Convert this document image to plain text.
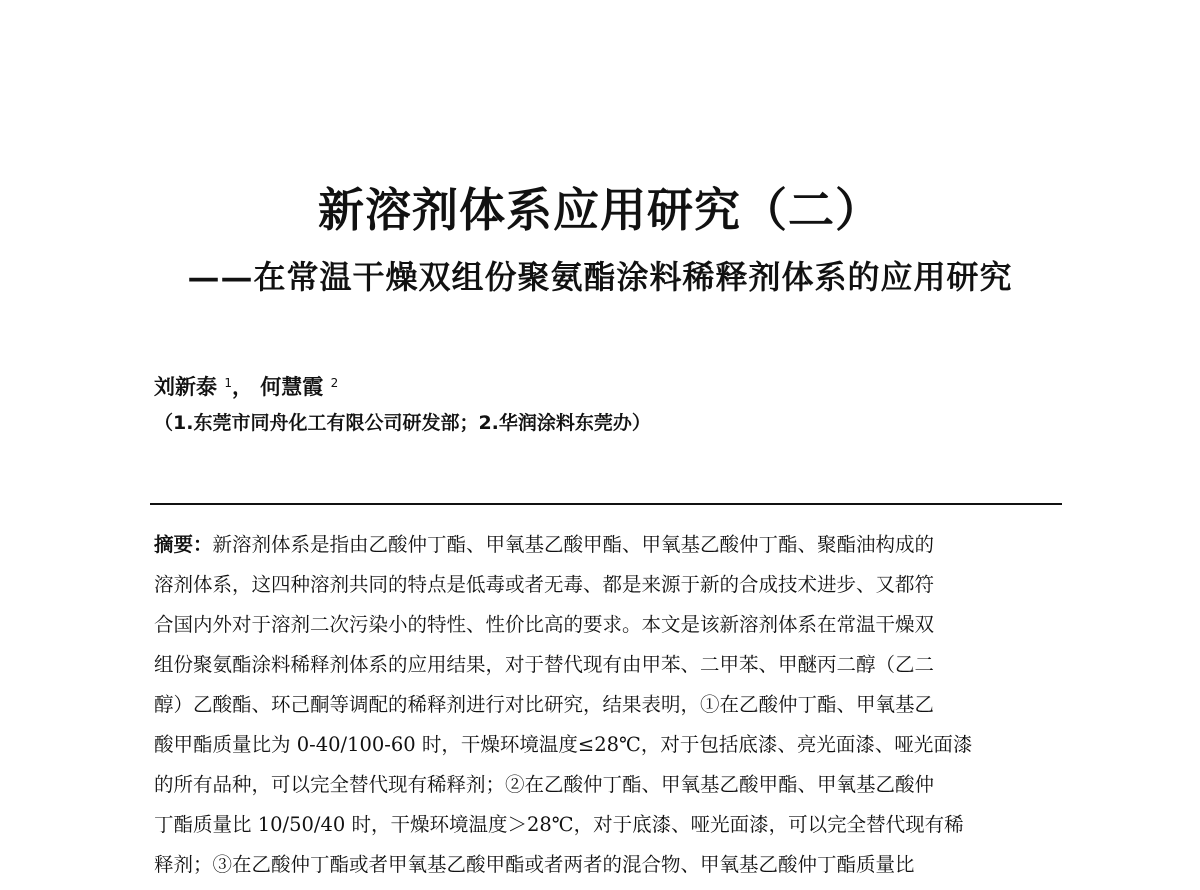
新溶剂体系应用研究（二）
——在常温干燥双组份聚氨酯涂料稀释剂体系的应用研究
刘新泰 $^1$， 何慧霞 $^2$
（1.东莞市同舟化工有限公司研发部；2.华润涂料东莞办）
摘要：新溶剂体系是指由乙酸仲丁酯、甲氧基乙酸甲酯、甲氧基乙酸仲丁酯、聚酯油构成的
溶剂体系，这四种溶剂共同的特点是低毒或者无毒、都是来源于新的合成技术进步、又都符
合国内外对于溶剂二次污染小的特性、性价比高的要求。本文是该新溶剂体系在常温干燥双
组份聚氨酯涂料稀释剂体系的应用结果，对于替代现有由甲苯、二甲苯、甲醚丙二醇（乙二
醇）乙酸酯、环己酮等调配的稀释剂进行对比研究，结果表明，①在乙酸仲丁酯、甲氧基乙
酸甲酯质量比为 0-40/100-60 时，干燥环境温度≤28℃，对于包括底漆、亮光面漆、哑光面漆
的所有品种，可以完全替代现有稀释剂；②在乙酸仲丁酯、甲氧基乙酸甲酯、甲氧基乙酸仲
丁酯质量比 10/50/40 时，干燥环境温度＞28℃，对于底漆、哑光面漆，可以完全替代现有稀
释剂；③在乙酸仲丁酯或者甲氧基乙酸甲酯或者两者的混合物、甲氧基乙酸仲丁酯质量比
